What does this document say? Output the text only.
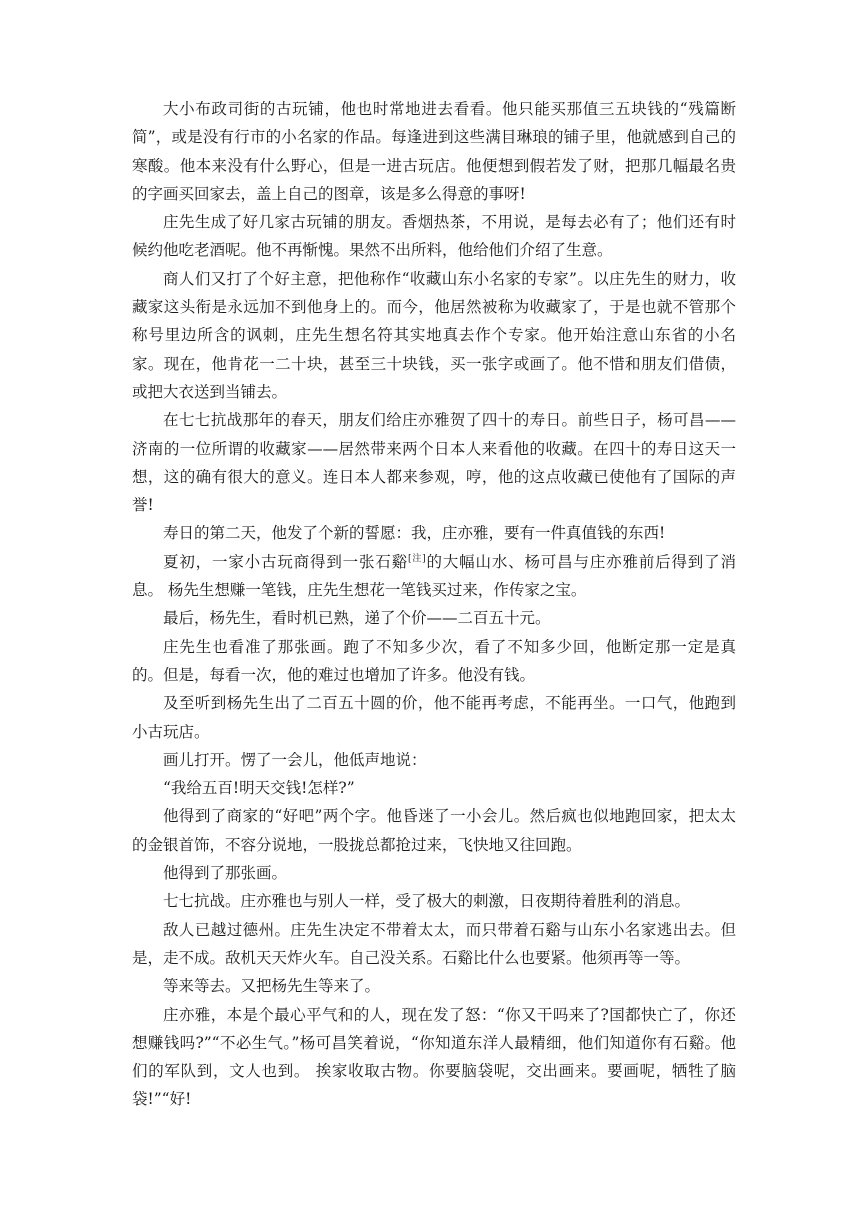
大小布政司街的古玩铺，他也时常地进去看看。他只能买那值三五块钱的“残篇断简”，或是没有行市的小名家的作品。每逢进到这些满目琳琅的铺子里，他就感到自己的寒酸。他本来没有什么野心，但是一进古玩店。他便想到假若发了财，把那几幅最名贵的字画买回家去，盖上自己的图章，该是多么得意的事呀!

庄先生成了好几家古玩铺的朋友。香烟热茶，不用说，是每去必有了；他们还有时候约他吃老酒呢。他不再惭愧。果然不出所料，他给他们介绍了生意。

商人们又打了个好主意，把他称作“收藏山东小名家的专家”。以庄先生的财力，收藏家这头衔是永远加不到他身上的。而今，他居然被称为收藏家了，于是也就不管那个称号里边所含的讽刺，庄先生想名符其实地真去作个专家。他开始注意山东省的小名家。现在，他肯花一二十块，甚至三十块钱，买一张字或画了。他不惜和朋友们借债，或把大衣送到当铺去。

在七七抗战那年的春天，朋友们给庄亦雅贺了四十的寿日。前些日子，杨可昌——济南的一位所谓的收藏家——居然带来两个日本人来看他的收藏。在四十的寿日这天一想，这的确有很大的意义。连日本人都来参观，哼，他的这点收藏已使他有了国际的声誉!

寿日的第二天，他发了个新的誓愿：我，庄亦雅，要有一件真值钱的东西!

夏初，一家小古玩商得到一张石谿[注]的大幅山水、杨可昌与庄亦雅前后得到了消息。 杨先生想赚一笔钱，庄先生想花一笔钱买过来，作传家之宝。

最后，杨先生，看时机已熟，递了个价——二百五十元。

庄先生也看准了那张画。跑了不知多少次，看了不知多少回，他断定那一定是真的。但是，每看一次，他的难过也增加了许多。他没有钱。

及至听到杨先生出了二百五十圆的价，他不能再考虑，不能再坐。一口气，他跑到小古玩店。

画儿打开。愣了一会儿，他低声地说：

“我给五百!明天交钱!怎样?”

他得到了商家的“好吧”两个字。他昏迷了一小会儿。然后疯也似地跑回家，把太太的金银首饰，不容分说地，一股拢总都抢过来，飞快地又往回跑。

他得到了那张画。

七七抗战。庄亦雅也与别人一样，受了极大的刺激，日夜期待着胜利的消息。

敌人已越过德州。庄先生决定不带着太太，而只带着石谿与山东小名家逃出去。但是，走不成。敌机天天炸火车。自己没关系。石谿比什么也要紧。他须再等一等。

等来等去。又把杨先生等来了。

庄亦雅，本是个最心平气和的人，现在发了怒：“你又干吗来了?国都快亡了，你还想赚钱吗?”“不必生气。”杨可昌笑着说，“你知道东洋人最精细，他们知道你有石谿。他们的军队到，文人也到。 挨家收取古物。你要脑袋呢，交出画来。要画呢，牺牲了脑袋!”“好!
